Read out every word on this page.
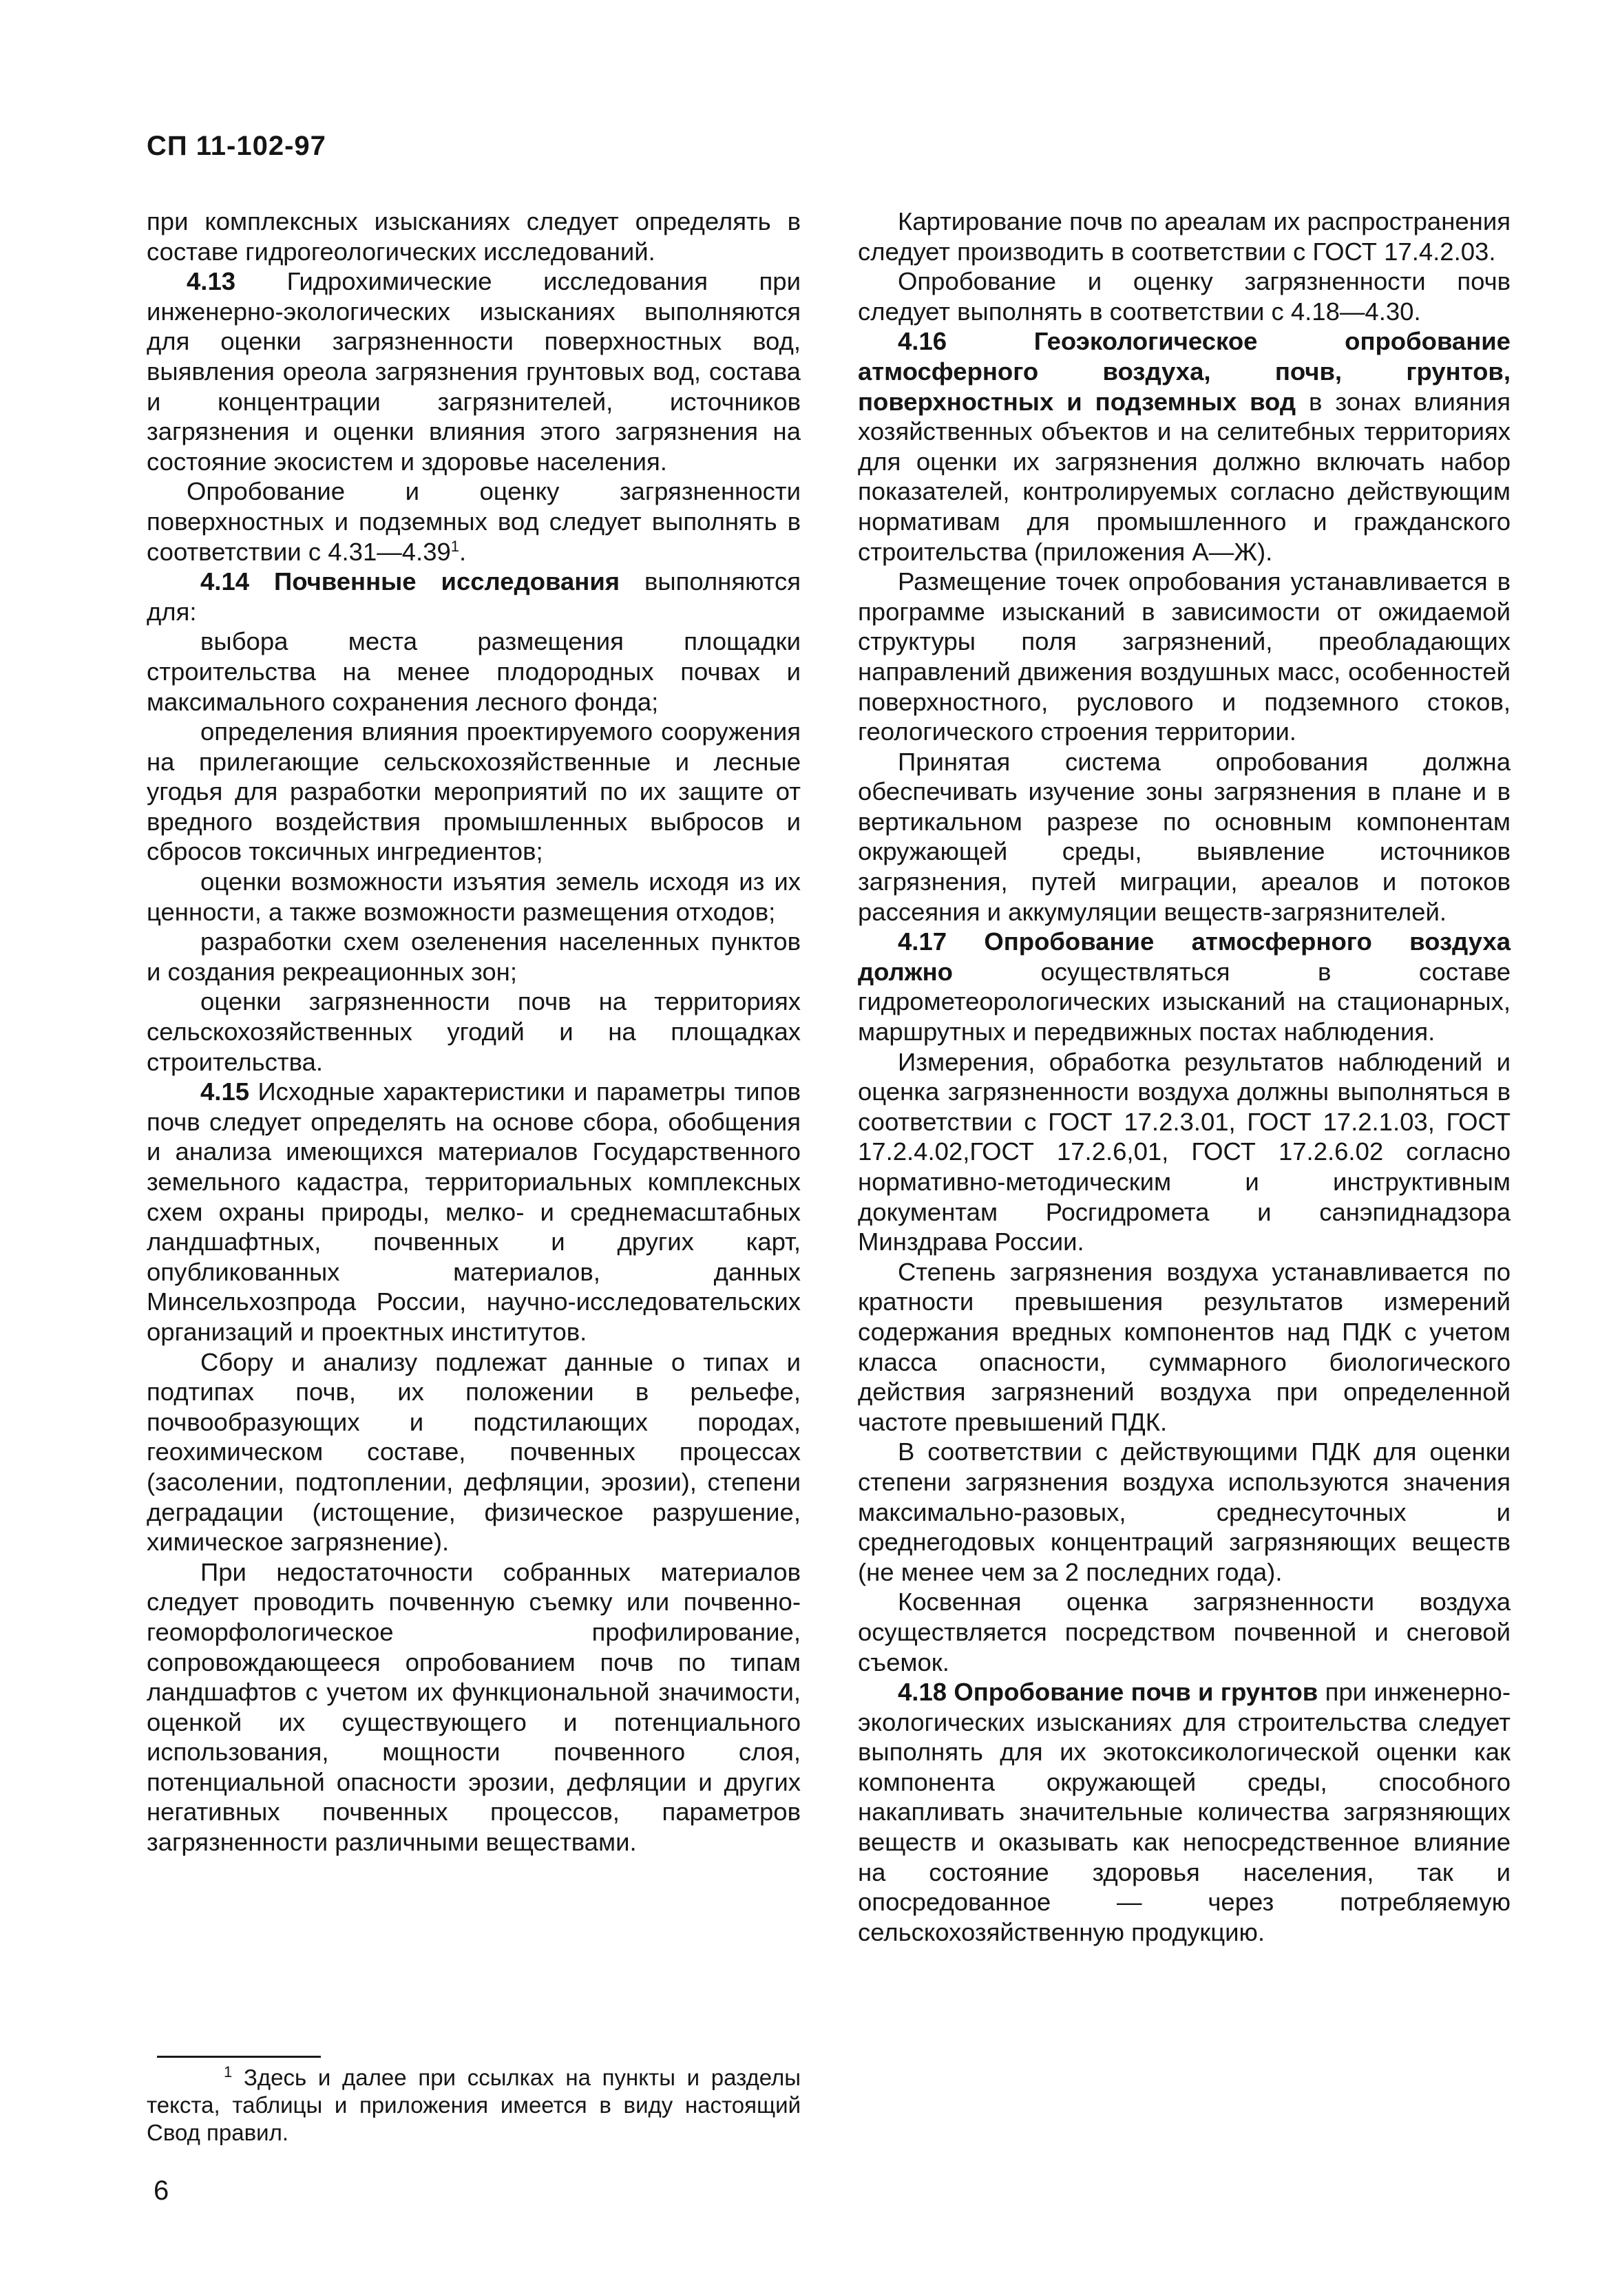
СП 11-102-97

при комплексных изысканиях следует определять в составе гидрогеологических исследований.

4.13 Гидрохимические исследования при инженерно-экологических изысканиях выполняются для оценки загрязненности поверхностных вод, выявления ореола загрязнения грунтовых вод, состава и концентрации загрязнителей, источников загрязнения и оценки влияния этого загрязнения на состояние экосистем и здоровье населения.

Опробование и оценку загрязненности поверхностных и подземных вод следует выполнять в соответствии с 4.31—4.39$^1$.

4.14 Почвенные исследования выполняются для:

выбора места размещения площадки строительства на менее плодородных почвах и максимального сохранения лесного фонда;

определения влияния проектируемого сооружения на прилегающие сельскохозяйственные и лесные угодья для разработки мероприятий по их защите от вредного воздействия промышленных выбросов и сбросов токсичных ингредиентов;

оценки возможности изъятия земель исходя из их ценности, а также возможности размещения отходов;

разработки схем озеленения населенных пунктов и создания рекреационных зон;

оценки загрязненности почв на территориях сельскохозяйственных угодий и на площадках строительства.

4.15 Исходные характеристики и параметры типов почв следует определять на основе сбора, обобщения и анализа имеющихся материалов Государственного земельного кадастра, территориальных комплексных схем охраны природы, мелко- и среднемасштабных ландшафтных, почвенных и других карт, опубликованных материалов, данных Минсельхозпрода России, научно-исследовательских организаций и проектных институтов.

Сбору и анализу подлежат данные о типах и подтипах почв, их положении в рельефе, почвообразующих и подстилающих породах, геохимическом составе, почвенных процессах (засолении, подтоплении, дефляции, эрозии), степени деградации (истощение, физическое разрушение, химическое загрязнение).

При недостаточности собранных материалов следует проводить почвенную съемку или почвенно-геоморфологическое профилирование, сопровождающееся опробованием почв по типам ландшафтов с учетом их функциональной значимости, оценкой их существующего и потенциального использования, мощности почвенного слоя, потенциальной опасности эрозии, дефляции и других негативных почвенных процессов, параметров загрязненности различными веществами.

Картирование почв по ареалам их распространения следует производить в соответствии с ГОСТ 17.4.2.03.

Опробование и оценку загрязненности почв следует выполнять в соответствии с 4.18—4.30.

4.16 Геоэкологическое опробование атмосферного воздуха, почв, грунтов, поверхностных и подземных вод в зонах влияния хозяйственных объектов и на селитебных территориях для оценки их загрязнения должно включать набор показателей, контролируемых согласно действующим нормативам для промышленного и гражданского строительства (приложения А—Ж).

Размещение точек опробования устанавливается в программе изысканий в зависимости от ожидаемой структуры поля загрязнений, преобладающих направлений движения воздушных масс, особенностей поверхностного, руслового и подземного стоков, геологического строения территории.

Принятая система опробования должна обеспечивать изучение зоны загрязнения в плане и в вертикальном разрезе по основным компонентам окружающей среды, выявление источников загрязнения, путей миграции, ареалов и потоков рассеяния и аккумуляции веществ-загрязнителей.

4.17 Опробование атмосферного воздуха должно осуществляться в составе гидрометеорологических изысканий на стационарных, маршрутных и передвижных постах наблюдения.

Измерения, обработка результатов наблюдений и оценка загрязненности воздуха должны выполняться в соответствии с ГОСТ 17.2.3.01, ГОСТ 17.2.1.03, ГОСТ 17.2.4.02,ГОСТ 17.2.6,01, ГОСТ 17.2.6.02 согласно нормативно-методическим и инструктивным документам Росгидромета и санэпиднадзора Минздрава России.

Степень загрязнения воздуха устанавливается по кратности превышения результатов измерений содержания вредных компонентов над ПДК с учетом класса опасности, суммарного биологического действия загрязнений воздуха при определенной частоте превышений ПДК.

В соответствии с действующими ПДК для оценки степени загрязнения воздуха используются значения максимально-разовых, среднесуточных и среднегодовых концентраций загрязняющих веществ (не менее чем за 2 последних года).

Косвенная оценка загрязненности воздуха осуществляется посредством почвенной и снеговой съемок.

4.18 Опробование почв и грунтов при инженерно-экологических изысканиях для строительства следует выполнять для их экотоксикологической оценки как компонента окружающей среды, способного накапливать значительные количества загрязняющих веществ и оказывать как непосредственное влияние на состояние здоровья населения, так и опосредованное — через потребляемую сельскохозяйственную продукцию.

$^1$ Здесь и далее при ссылках на пункты и разделы текста, таблицы и приложения имеется в виду настоящий Свод правил.

6
